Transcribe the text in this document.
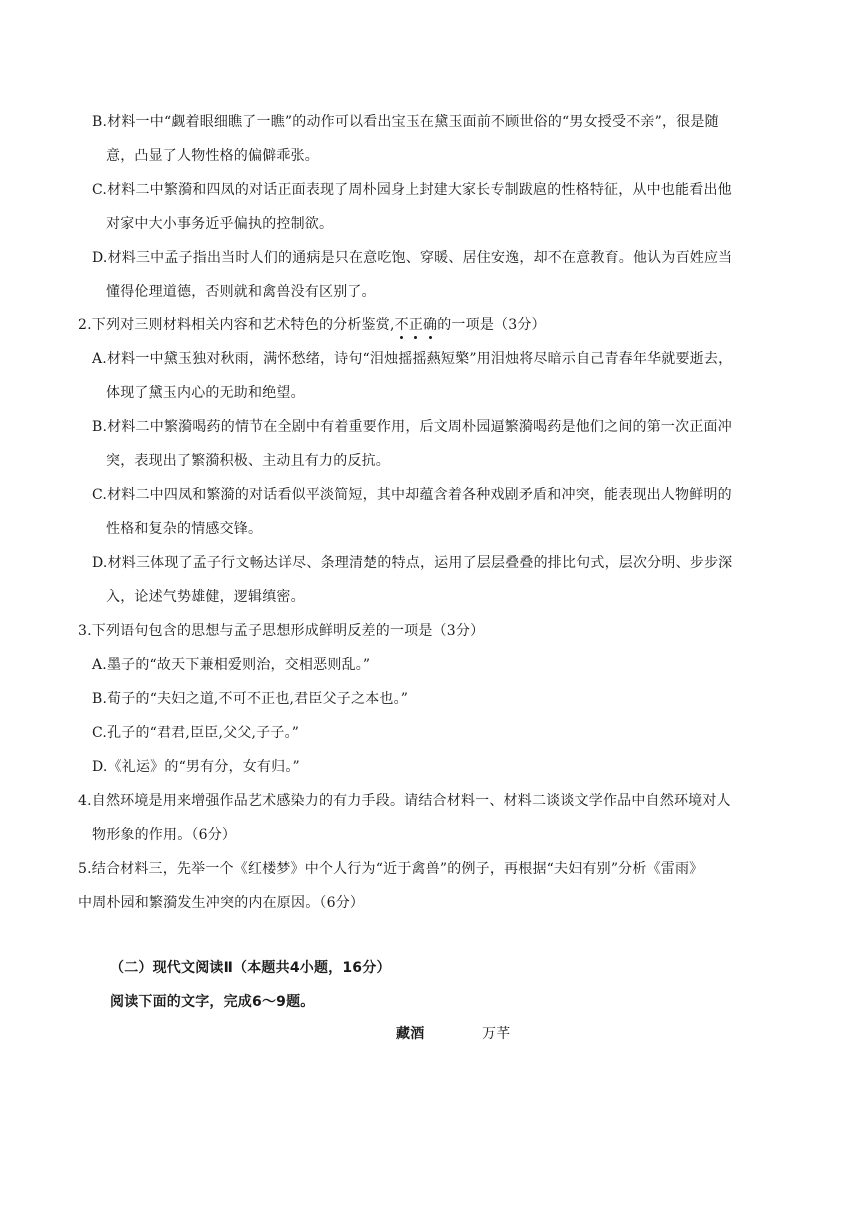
B.材料一中“觑着眼细瞧了一瞧”的动作可以看出宝玉在黛玉面前不顾世俗的“男女授受不亲”，很是随
意，凸显了人物性格的偏僻乖张。
C.材料二中繁漪和四凤的对话正面表现了周朴园身上封建大家长专制跋扈的性格特征，从中也能看出他
对家中大小事务近乎偏执的控制欲。
D.材料三中孟子指出当时人们的通病是只在意吃饱、穿暖、居住安逸，却不在意教育。他认为百姓应当
懂得伦理道德，否则就和禽兽没有区别了。
2.下列对三则材料相关内容和艺术特色的分析鉴赏,不正确的一项是（3分）
A.材料一中黛玉独对秋雨，满怀愁绪，诗句“泪烛摇摇爇短檠”用泪烛将尽暗示自己青春年华就要逝去，
体现了黛玉内心的无助和绝望。
B.材料二中繁漪喝药的情节在全剧中有着重要作用，后文周朴园逼繁漪喝药是他们之间的第一次正面冲
突，表现出了繁漪积极、主动且有力的反抗。
C.材料二中四凤和繁漪的对话看似平淡简短，其中却蕴含着各种戏剧矛盾和冲突，能表现出人物鲜明的
性格和复杂的情感交锋。
D.材料三体现了孟子行文畅达详尽、条理清楚的特点，运用了层层叠叠的排比句式，层次分明、步步深
入，论述气势雄健，逻辑缜密。
3.下列语句包含的思想与孟子思想形成鲜明反差的一项是（3分）
A.墨子的“故天下兼相爱则治，交相恶则乱。”
B.荀子的“夫妇之道,不可不正也,君臣父子之本也。”
C.孔子的“君君,臣臣,父父,子子。”
D.《礼运》的“男有分，女有归。”
4.自然环境是用来增强作品艺术感染力的有力手段。请结合材料一、材料二谈谈文学作品中自然环境对人
物形象的作用。（6分）
5.结合材料三，先举一个《红楼梦》中个人行为“近于禽兽”的例子，再根据“夫妇有别”分析《雷雨》
中周朴园和繁漪发生冲突的内在原因。（6分）
（二）现代文阅读Ⅱ（本题共4小题，16分）
阅读下面的文字，完成6～9题。
藏酒	万芊
